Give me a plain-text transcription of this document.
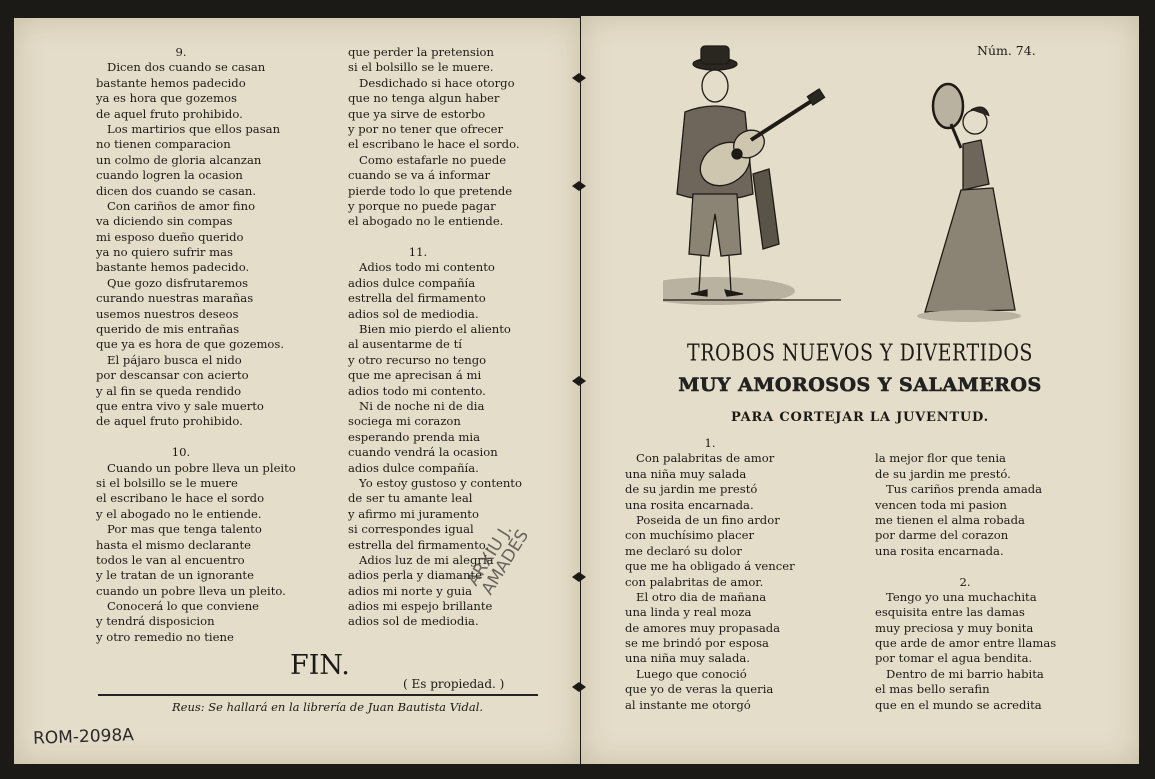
9.
Dicen dos cuando se casan
bastante hemos padecido
ya es hora que gozemos
de aquel fruto prohibido.
Los martirios que ellos pasan
no tienen comparacion
un colmo de gloria alcanzan
cuando logren la ocasion
dicen dos cuando se casan.
Con cariños de amor fino
va diciendo sin compas
mi esposo dueño querido
ya no quiero sufrir mas
bastante hemos padecido.
Que gozo disfrutaremos
curando nuestras marañas
usemos nuestros deseos
querido de mis entrañas
que ya es hora de que gozemos.
El pájaro busca el nido
por descansar con acierto
y al fin se queda rendido
que entra vivo y sale muerto
de aquel fruto prohibido.
10.
Cuando un pobre lleva un pleito
si el bolsillo se le muere
el escribano le hace el sordo
y el abogado no le entiende.
Por mas que tenga talento
hasta el mismo declarante
todos le van al encuentro
y le tratan de un ignorante
cuando un pobre lleva un pleito.
Conocerá lo que conviene
y tendrá disposicion
y otro remedio no tiene
que perder la pretension
si el bolsillo se le muere.
Desdichado si hace otorgo
que no tenga algun haber
que ya sirve de estorbo
y por no tener que ofrecer
el escribano le hace el sordo.
Como estafarle no puede
cuando se va á informar
pierde todo lo que pretende
y porque no puede pagar
el abogado no le entiende.
11.
Adios todo mi contento
adios dulce compañía
estrella del firmamento
adios sol de mediodia.
Bien mio pierdo el aliento
al ausentarme de tí
y otro recurso no tengo
que me aprecisan á mi
adios todo mi contento.
Ni de noche ni de dia
sociega mi corazon
esperando prenda mia
cuando vendrá la ocasion
adios dulce compañía.
Yo estoy gustoso y contento
de ser tu amante leal
y afirmo mi juramento
si correspondes igual
estrella del firmamento.
Adios luz de mi alegría
adios perla y diamante
adios mi norte y guia
adios mi espejo brillante
adios sol de mediodia.
FIN.
( Es propiedad. )
Reus: Se hallará en la librería de Juan Bautista Vidal.
Núm. 74.
TROBOS NUEVOS Y DIVERTIDOS
MUY AMOROSOS Y SALAMEROS
PARA CORTEJAR LA JUVENTUD.
1.
Con palabritas de amor
una niña muy salada
de su jardin me prestó
una rosita encarnada.
Poseida de un fino ardor
con muchísimo placer
me declaró su dolor
que me ha obligado á vencer
con palabritas de amor.
El otro dia de mañana
una linda y real moza
de amores muy propasada
se me brindó por esposa
una niña muy salada.
Luego que conoció
que yo de veras la queria
al instante me otorgó
la mejor flor que tenia
de su jardin me prestó.
Tus cariños prenda amada
vencen toda mi pasion
me tienen el alma robada
por darme del corazon
una rosita encarnada.
2.
Tengo yo una muchachita
esquisita entre las damas
muy preciosa y muy bonita
que arde de amor entre llamas
por tomar el agua bendita.
Dentro de mi barrio habita
el mas bello serafin
que en el mundo se acredita
ARXIU J.
AMADES
ROM-2098A
